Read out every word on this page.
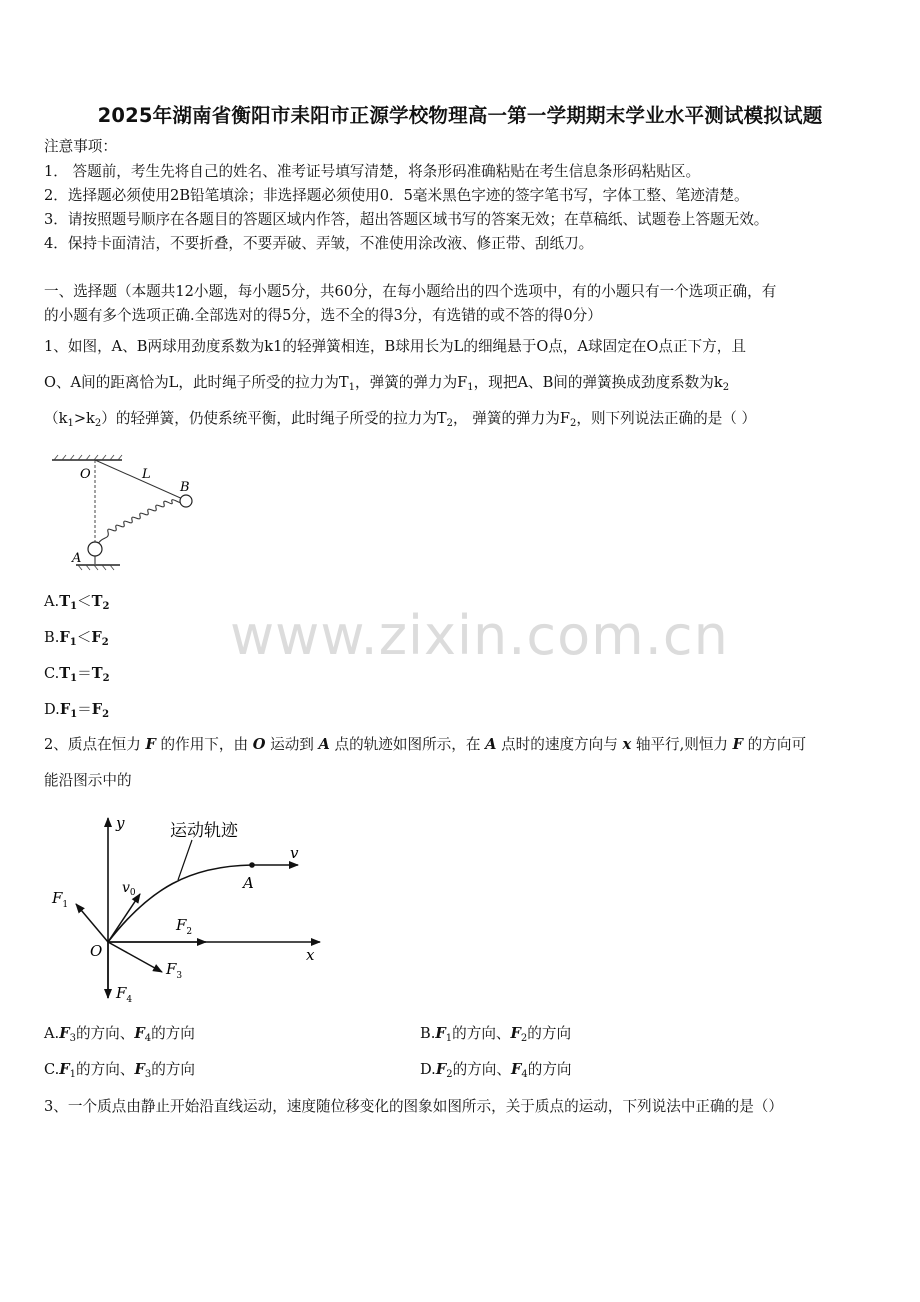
2025年湖南省衡阳市耒阳市正源学校物理高一第一学期期末学业水平测试模拟试题
注意事项：
1． 答题前，考生先将自己的姓名、准考证号填写清楚，将条形码准确粘贴在考生信息条形码粘贴区。
2．选择题必须使用2B铅笔填涂；非选择题必须使用0．5毫米黑色字迹的签字笔书写，字体工整、笔迹清楚。
3．请按照题号顺序在各题目的答题区域内作答，超出答题区域书写的答案无效；在草稿纸、试题卷上答题无效。
4．保持卡面清洁，不要折叠，不要弄破、弄皱，不准使用涂改液、修正带、刮纸刀。
一、选择题（本题共12小题，每小题5分，共60分，在每小题给出的四个选项中，有的小题只有一个选项正确，有
的小题有多个选项正确.全部选对的得5分，选不全的得3分，有选错的或不答的得0分）
1、如图，A、B两球用劲度系数为k1的轻弹簧相连，B球用长为L的细绳悬于O点，A球固定在O点正下方，且
O、A间的距离恰为L，此时绳子所受的拉力为$T_1$，弹簧的弹力为$F_1$，现把A、B间的弹簧换成劲度系数为$k_2$
$(k_1>k_2)$的轻弹簧，仍使系统平衡，此时绳子所受的拉力为$T_2$， 弹簧的弹力为$F_2$，则下列说法正确的是（ ）
O	L
B
A
$A.T_1<T_2$
$B.F_1<F_2$
$C.T_1=T_2$
$D.F_1=F_2$
www.zixin.com.cn
2、质点在恒力 F 的作用下，由 O 运动到 A 点的轨迹如图所示，在 A 点时的速度方向与 x 轴平行,则恒力 F 的方向可
能沿图示中的
运动轨迹
y
x
v
$v_0$
A
O
$F_1$
$F_2$
$F_3$
$F_4$
$A.F_3$的方向、$F_4$的方向	$B.F_1$的方向、$F_2$的方向
$C.F_1$的方向、$F_3$的方向	$D.F_2$的方向、$F_4$的方向
3、一个质点由静止开始沿直线运动，速度随位移变化的图象如图所示，关于质点的运动，下列说法中正确的是（）
